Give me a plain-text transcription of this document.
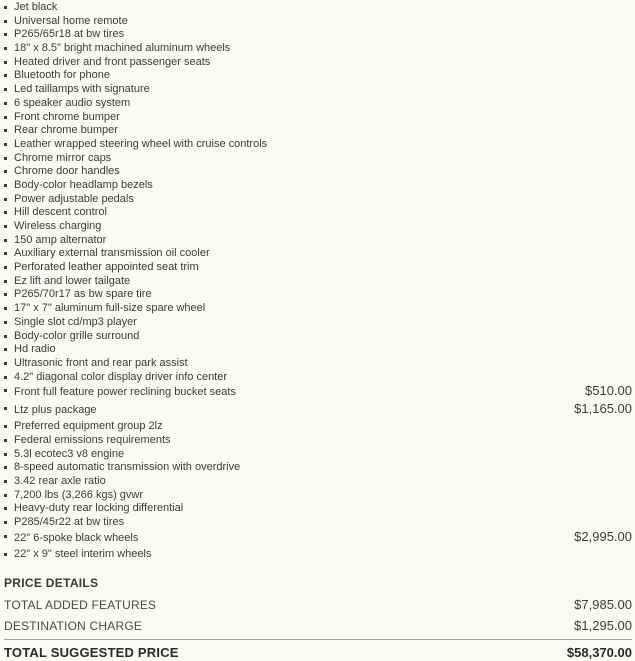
Jet black
Universal home remote
P265/65r18 at bw tires
18" x 8.5" bright machined aluminum wheels
Heated driver and front passenger seats
Bluetooth for phone
Led taillamps with signature
6 speaker audio system
Front chrome bumper
Rear chrome bumper
Leather wrapped steering wheel with cruise controls
Chrome mirror caps
Chrome door handles
Body-color headlamp bezels
Power adjustable pedals
Hill descent control
Wireless charging
150 amp alternator
Auxiliary external transmission oil cooler
Perforated leather appointed seat trim
Ez lift and lower tailgate
P265/70r17 as bw spare tire
17" x 7" aluminum full-size spare wheel
Single slot cd/mp3 player
Body-color grille surround
Hd radio
Ultrasonic front and rear park assist
4.2" diagonal color display driver info center
Front full feature power reclining bucket seats	$510.00
Ltz plus package	$1,165.00
Preferred equipment group 2lz
Federal emissions requirements
5.3l ecotec3 v8 engine
8-speed automatic transmission with overdrive
3.42 rear axle ratio
7,200 lbs (3,266 kgs) gvwr
Heavy-duty rear locking differential
P285/45r22 at bw tires
22" 6-spoke black wheels	$2,995.00
22" x 9" steel interim wheels
PRICE DETAILS
TOTAL ADDED FEATURES	$7,985.00
DESTINATION CHARGE	$1,295.00
TOTAL SUGGESTED PRICE	$58,370.00
